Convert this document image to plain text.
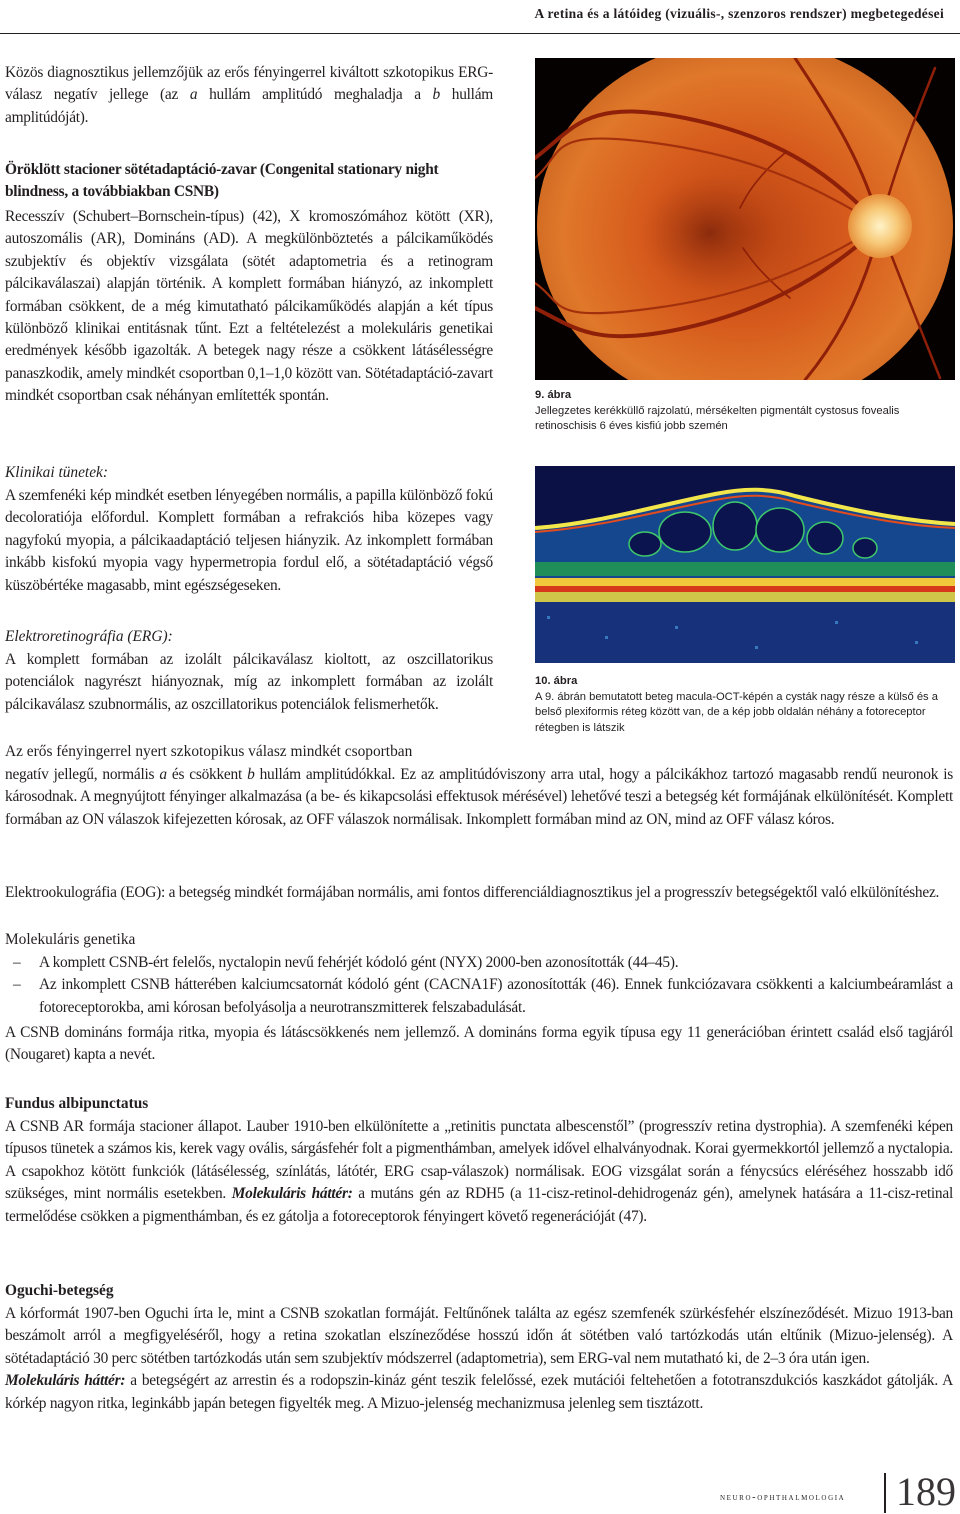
A retina és a látóideg (vizuális-, szenzoros rendszer) megbetegedései

Közös diagnosztikus jellemzőjük az erős fényingerrel kiváltott szkotopikus ERG-válasz negatív jellege (az a hullám amplitúdó meghaladja a b hullám amplitúdóját).

Öröklött stacioner sötétadaptáció-zavar (Congenital stationary night blindness, a továbbiakban CSNB)

Recesszív (Schubert–Bornschein-típus) (42), X kromoszómához kötött (XR), autoszomális (AR), Domináns (AD). A megkülönböztetés a pálcikaműködés szubjektív és objektív vizsgálata (sötét adaptometria és a retinogram pálcikaválaszai) alapján történik. A komplett formában hiányzó, az inkomplett formában csökkent, de a még kimutatható pálcikaműködés alapján a két típus különböző klinikai entitásnak tűnt. Ezt a feltételezést a molekuláris genetikai eredmények később igazolták. A betegek nagy része a csökkent látásélességre panaszkodik, amely mindkét csoportban 0,1–1,0 között van. Sötétadaptáció-zavart mindkét csoportban csak néhányan említették spontán.

Klinikai tünetek:

A szemfenéki kép mindkét esetben lényegében normális, a papilla különböző fokú decoloratiója előfordul. Komplett formában a refrakciós hiba közepes vagy nagyfokú myopia, a pálcikaadaptáció teljesen hiányzik. Az inkomplett formában inkább kisfokú myopia vagy hypermetropia fordul elő, a sötétadaptáció végső küszöbértéke magasabb, mint egészségeseken.

Elektroretinográfia (ERG):

A komplett formában az izolált pálcikaválasz kioltott, az oszcillatorikus potenciálok nagyrészt hiányoznak, míg az inkomplett formában az izolált pálcikaválasz szubnormális, az oszcillatorikus potenciálok felismerhetők.

Az erős fényingerrel nyert szkotopikus válasz mindkét csoportban

negatív jellegű, normális a és csökkent b hullám amplitúdókkal. Ez az amplitúdóviszony arra utal, hogy a pálcikákhoz tartozó magasabb rendű neuronok is károsodnak. A megnyújtott fényinger alkalmazása (a be- és kikapcsolási effektusok mérésével) lehetővé teszi a betegség két formájának elkülönítését. Komplett formában az ON válaszok kifejezetten kórosak, az OFF válaszok normálisak. Inkomplett formában mind az ON, mind az OFF válasz kóros.

Elektrookulográfia (EOG): a betegség mindkét formájában normális, ami fontos differenciáldiagnosztikus jel a progresszív betegségektől való elkülönítéshez.

Molekuláris genetika

– A komplett CSNB-ért felelős, nyctalopin nevű fehérjét kódoló gént (NYX) 2000-ben azonosították (44–45).
– Az inkomplett CSNB hátterében kalciumcsatornát kódoló gént (CACNA1F) azonosították (46). Ennek funkciózavara csökkenti a kalciumbeáramlást a fotoreceptorokba, ami kórosan befolyásolja a neurotranszmitterek felszabadulását.

A CSNB domináns formája ritka, myopia és látáscsökkenés nem jellemző. A domináns forma egyik típusa egy 11 generációban érintett család első tagjáról (Nougaret) kapta a nevét.

Fundus albipunctatus

A CSNB AR formája stacioner állapot. Lauber 1910-ben elkülönítette a „retinitis punctata albescenstől” (progresszív retina dystrophia). A szemfenéki képen típusos tünetek a számos kis, kerek vagy ovális, sárgásfehér folt a pigmenthámban, amelyek idővel elhalványodnak. Korai gyermekkortól jellemző a nyctalopia. A csapokhoz kötött funkciók (látásélesség, színlátás, látótér, ERG csap-válaszok) normálisak. EOG vizsgálat során a fénycsúcs eléréséhez hosszabb idő szükséges, mint normális esetekben. Molekuláris háttér: a mutáns gén az RDH5 (a 11-cisz-retinol-dehidrogenáz gén), amelynek hatására a 11-cisz-retinal termelődése csökken a pigmenthámban, és ez gátolja a fotoreceptorok fényingert követő regenerációját (47).

Oguchi-betegség

A kórformát 1907-ben Oguchi írta le, mint a CSNB szokatlan formáját. Feltűnőnek találta az egész szemfenék szürkésfehér elszíneződését. Mizuo 1913-ban beszámolt arról a megfigyeléséről, hogy a retina szokatlan elszíneződése hosszú időn át sötétben való tartózkodás után eltűnik (Mizuo-jelenség). A sötétadaptáció 30 perc sötétben tartózkodás után sem szubjektív módszerrel (adaptometria), sem ERG-val nem mutatható ki, de 2–3 óra után igen.
Molekuláris háttér: a betegségért az arrestin és a rodopszin-kináz gént teszik felelőssé, ezek mutációi feltehetően a fototranszdukciós kaszkádot gátolják. A kórkép nagyon ritka, leginkább japán betegen figyelték meg. A Mizuo-jelenség mechanizmusa jelenleg sem tisztázott.

9. ábra
Jellegzetes kerékküllő rajzolatú, mérsékelten pigmentált cystosus fovealis retinoschisis 6 éves kisfiú jobb szemén
10. ábra
A 9. ábrán bemutatott beteg macula-OCT-képén a cysták nagy része a külső és a belső plexiformis réteg között van, de a kép jobb oldalán néhány a fotoreceptor rétegben is látszik
neuro-ophthalmologia 189
